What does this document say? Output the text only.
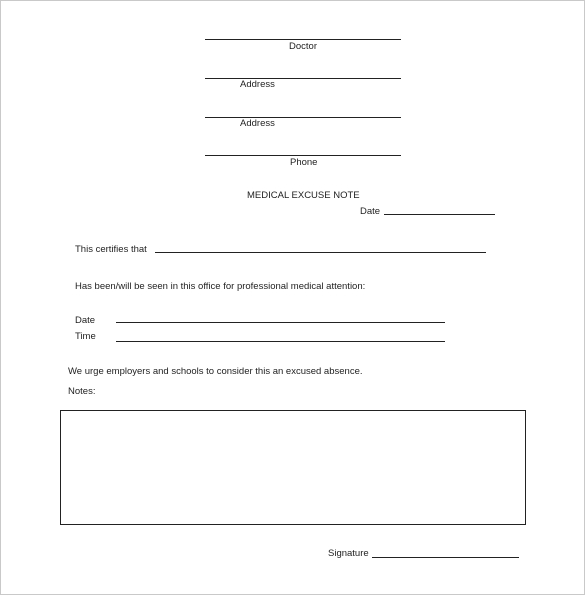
Doctor
Address
Address
Phone
MEDICAL EXCUSE NOTE
Date
This certifies that
Has been/will be seen in this office for professional medical attention:
Date
Time
We urge employers and schools to consider this an excused absence.
Notes:
Signature
